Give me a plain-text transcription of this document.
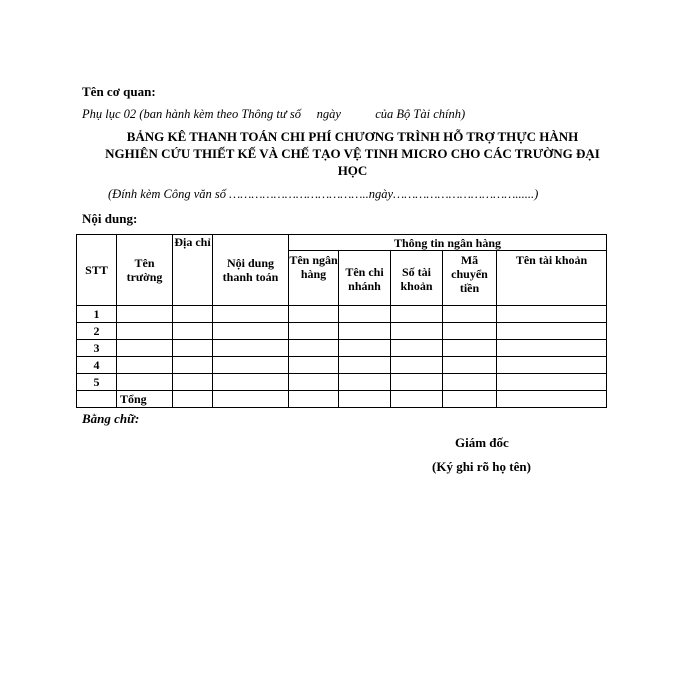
Tên cơ quan:
Phụ lục 02 (ban hành kèm theo Thông tư số     ngày           của Bộ Tài chính)
BẢNG KÊ THANH TOÁN CHI PHÍ CHƯƠNG TRÌNH HỖ TRỢ THỰC HÀNH
NGHIÊN CỨU THIẾT KẾ VÀ CHẾ TẠO VỆ TINH MICRO CHO CÁC TRƯỜNG ĐẠI
HỌC
(Đính kèm Công văn số ………………………………..ngày……………………………......)
Nội dung:
STT	Tên trường	Địa chỉ	Nội dung thanh toán	Thông tin ngân hàng				
				Tên ngân hàng	Tên chi nhánh	Số tài khoản	Mã chuyển tiền	Tên tài khoản
1								
2								
3								
4								
5								
	Tổng							
Bằng chữ:
Giám đốc
(Ký ghi rõ họ tên)
